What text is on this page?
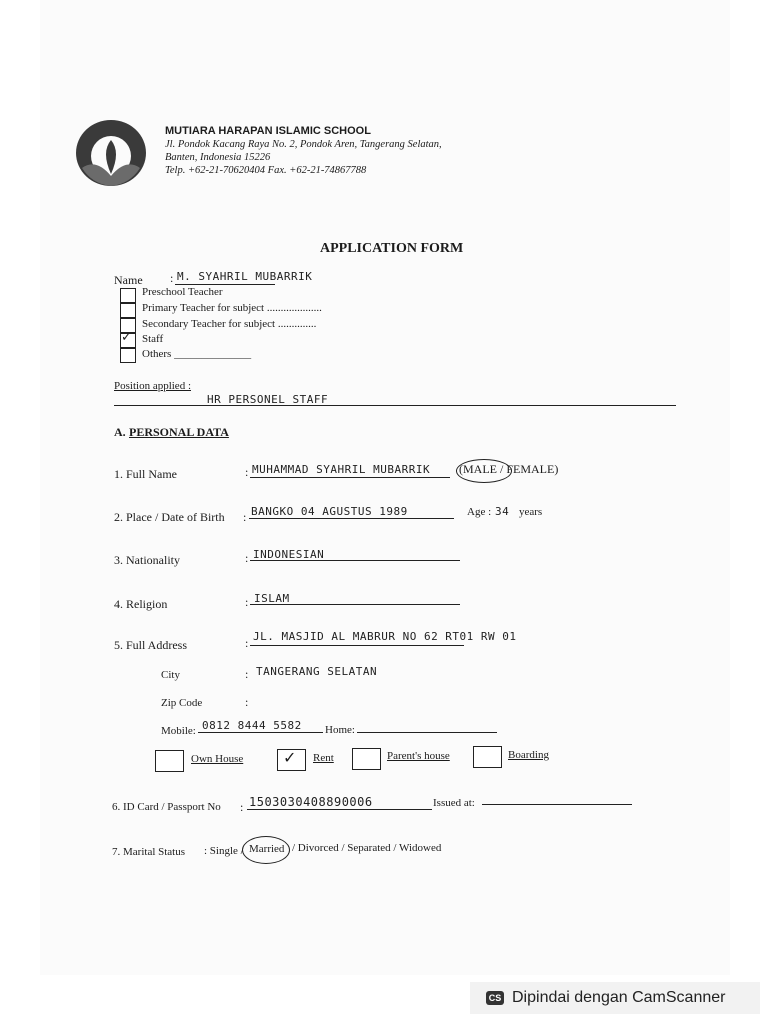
MUTIARA HARAPAN ISLAMIC SCHOOL
Jl. Pondok Kacang Raya No. 2, Pondok Aren, Tangerang Selatan,
Banten, Indonesia 15226
Telp. +62-21-70620404 Fax. +62-21-74867788
APPLICATION FORM
Name : M. SYAHRIL MUBARRIK
Preschool Teacher
Primary Teacher for subject ....................
Secondary Teacher for subject ..............
✓ Staff
Others ______________
Position applied :
HR PERSONEL STAFF
A. PERSONAL DATA
1. Full Name	: MUHAMMAD SYAHRIL MUBARRIK (MALE / FEMALE)
2. Place / Date of Birth : BANGKO 04 AGUSTUS 1989	Age : 34 years
3. Nationality	: INDONESIAN
4. Religion	: ISLAM
5. Full Address	: JL. MASJID AL MABRUR NO 62 RT01 RW 01
City	: TANGERANG SELATAN
Zip Code	:
Mobile: 0812 8444 5582 Home:
Own House ✓ Rent	Parent's house	Boarding
6. ID Card / Passport No : 1503030408890006	Issued at:
7. Marital Status : Single / Married / Divorced / Separated / Widowed
CS Dipindai dengan CamScanner
